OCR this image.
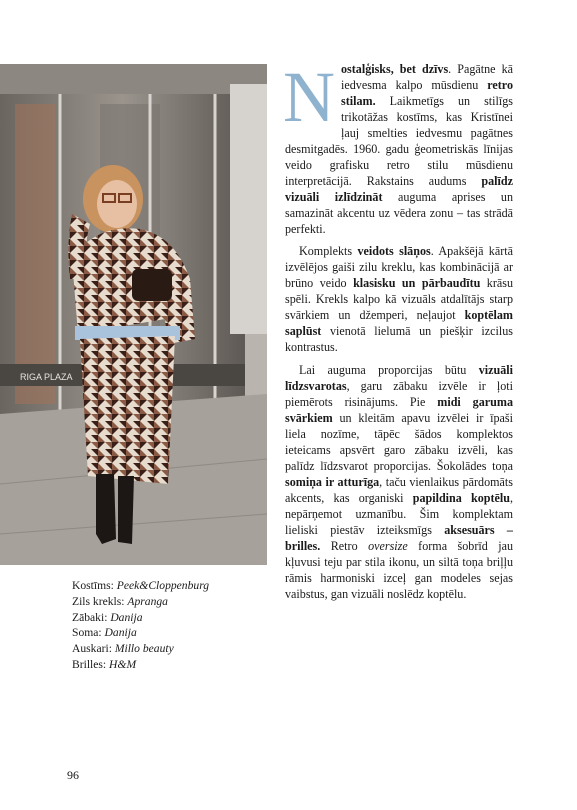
RIGA PLAZA
Kostīms: Peek&Cloppenburg
Zils krekls: Apranga
Zābaki: Danija
Soma: Danija
Auskari: Millo beauty
Brilles: H&M

Nostalģisks, bet dzīvs. Pagātne kā iedvesma kalpo mūsdienu retro stilam. Laikmetīgs un stilīgs trikotāžas kostīms, kas Kristīnei ļauj smelties iedvesmu pagātnes desmitgadēs. 1960. gadu ģeometriskās līnijas veido grafisku retro stilu mūsdienu interpretācijā. Rakstains audums palīdz vizuāli izlīdzināt auguma aprises un samazināt akcentu uz vēdera zonu – tas strādā perfekti.

Komplekts veidots slāņos. Apakšējā kārtā izvēlējos gaiši zilu kreklu, kas kombinācijā ar brūno veido klasisku un pārbaudītu krāsu spēli. Krekls kalpo kā vizuāls atdalītājs starp svārkiem un džemperi, neļaujot koptēlam saplūst vienotā lielumā un piešķir izcilus kontrastus.

Lai auguma proporcijas būtu vizuāli līdzsvarotas, garu zābaku izvēle ir ļoti piemērots risinājums. Pie midi garuma svārkiem un kleitām apavu izvēlei ir īpaši liela nozīme, tāpēc šādos komplektos ieteicams apsvērt garo zābaku izvēli, kas palīdz līdzsvarot proporcijas. Šokolādes toņa somiņa ir atturīga, taču vienlaikus pārdomāts akcents, kas organiski papildina koptēlu, nepārņemot uzmanību. Šim komplektam lieliski piestāv izteiksmīgs aksesuārs – brilles. Retro oversize forma šobrīd jau kļuvusi teju par stila ikonu, un siltā toņa briļļu rāmis harmoniski izceļ gan modeles sejas vaibstus, gan vizuāli noslēdz koptēlu.

96
